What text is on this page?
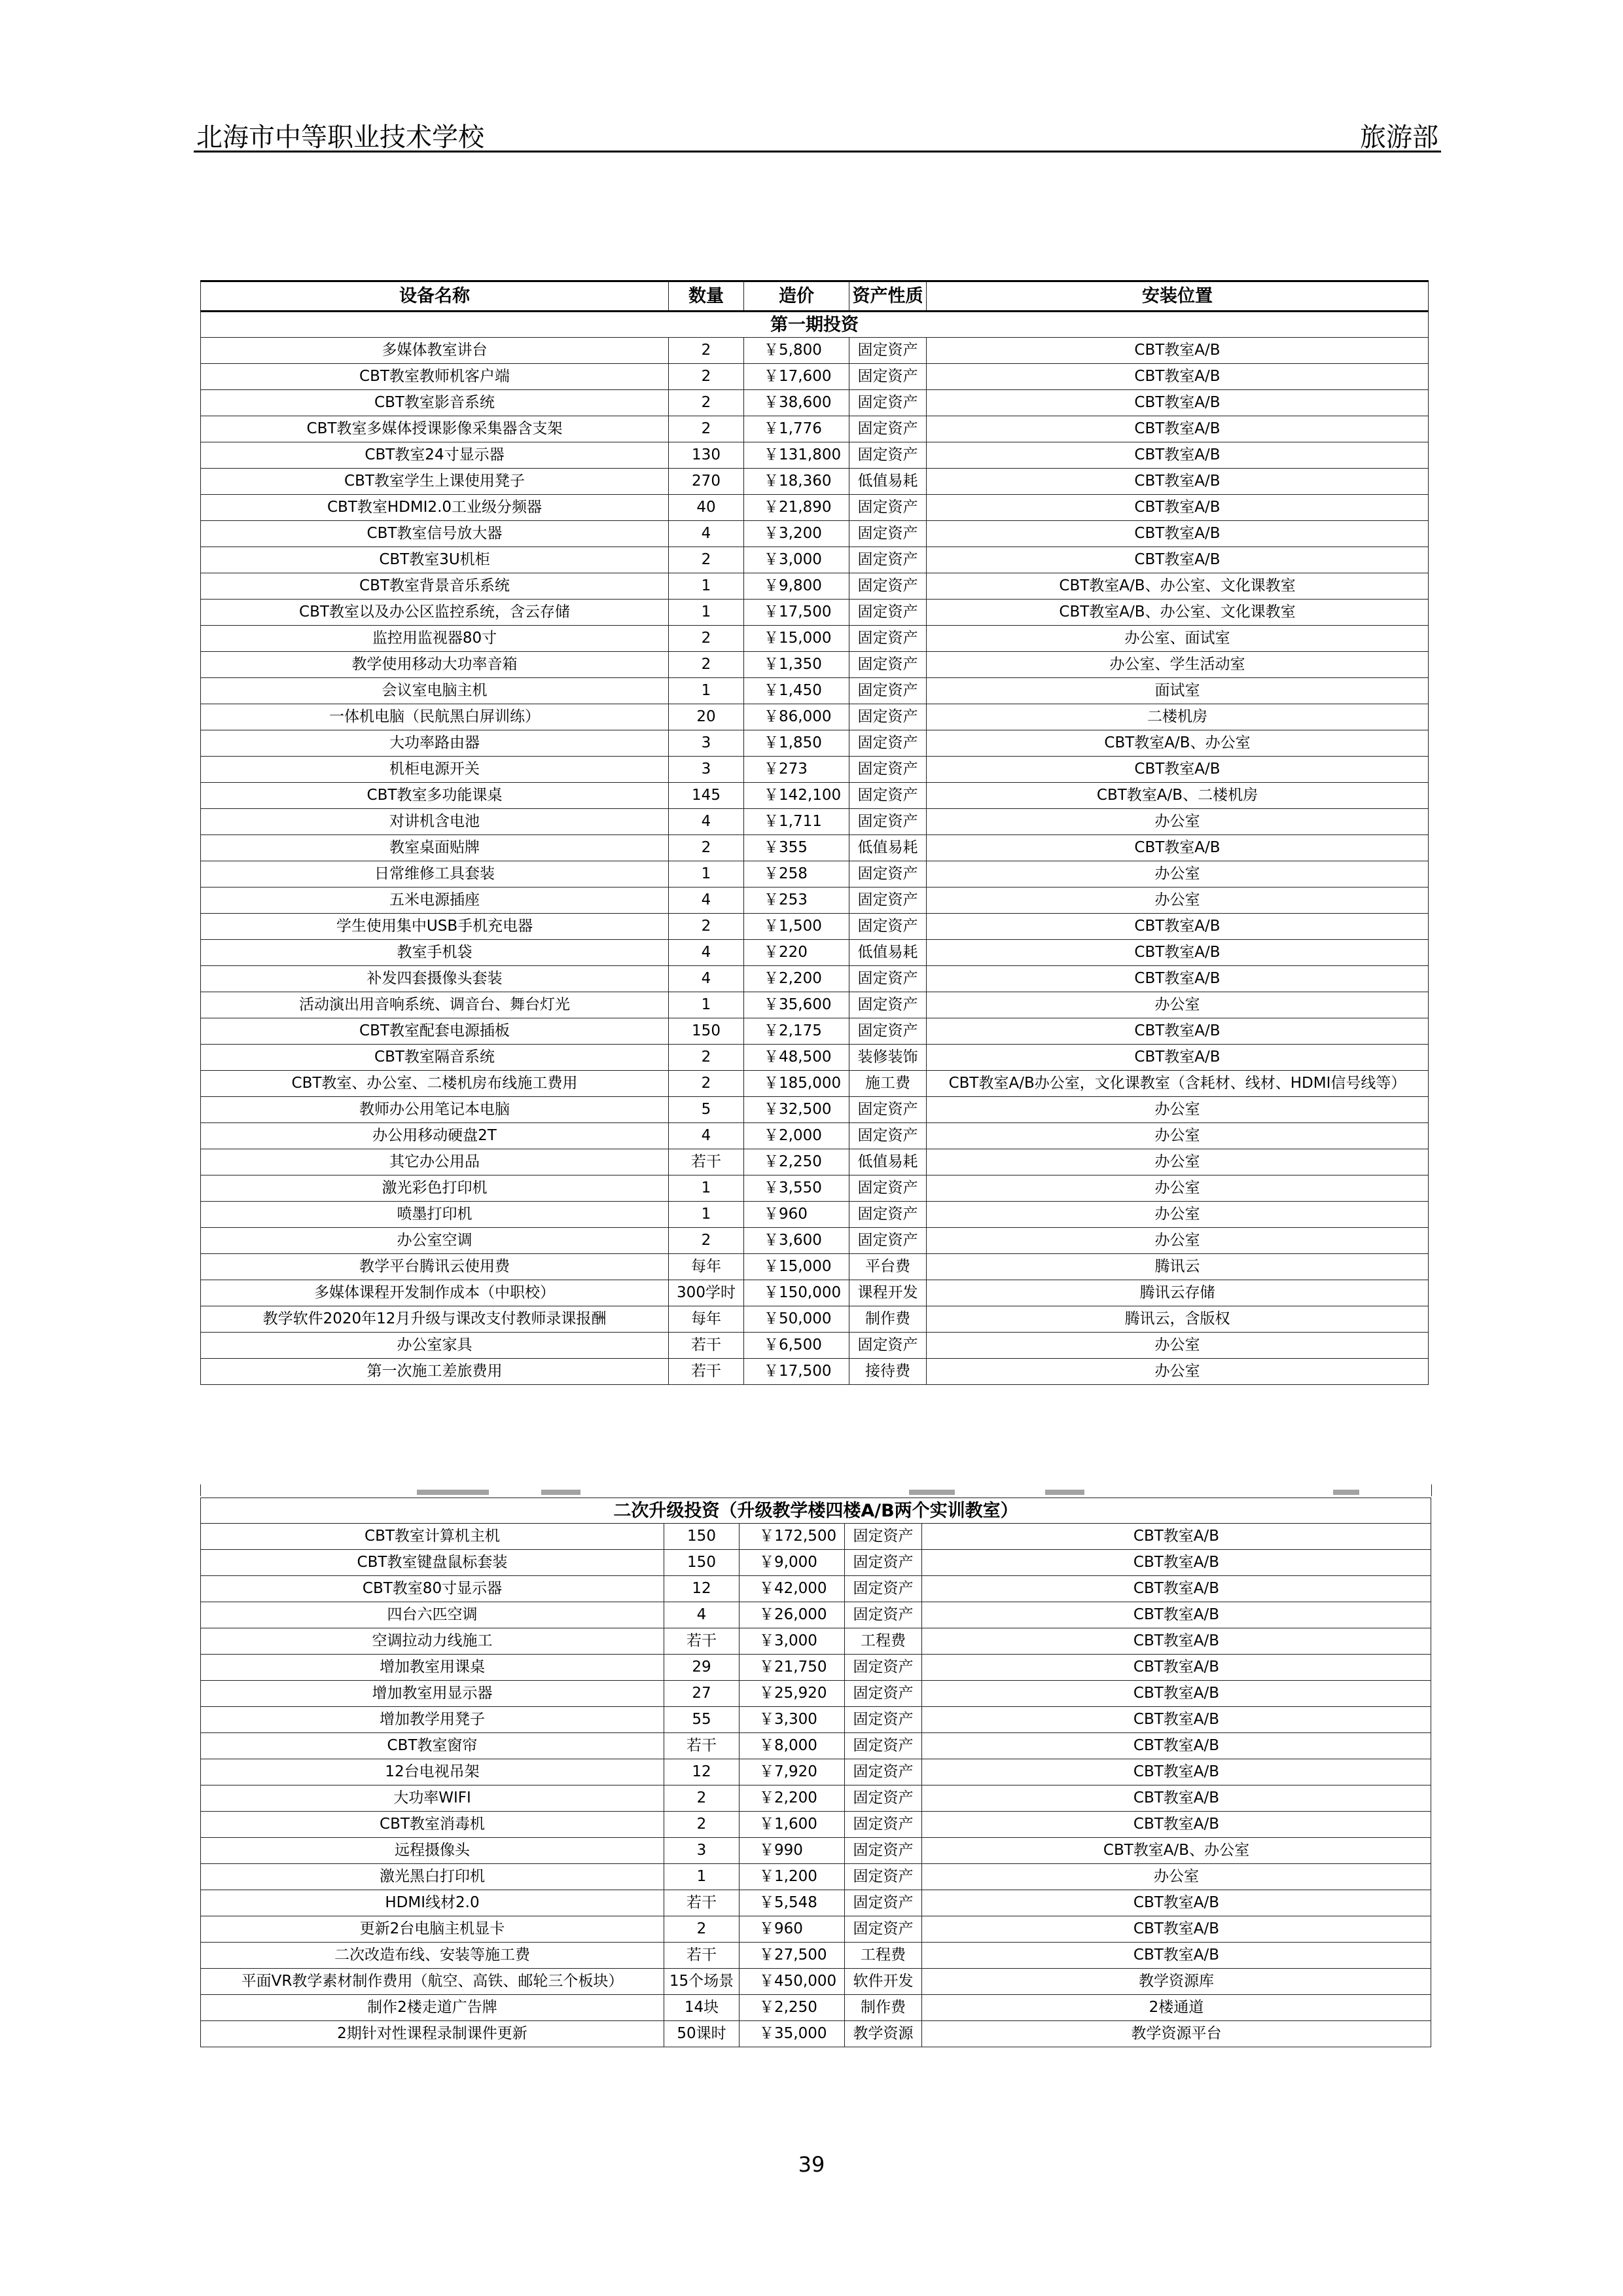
北海市中等职业技术学校	旅游部
设备名称	数量	造价	资产性质	安装位置
第一期投资				
多媒体教室讲台	2	￥5,800	固定资产	CBT教室A/B
CBT教室教师机客户端	2	￥17,600	固定资产	CBT教室A/B
CBT教室影音系统	2	￥38,600	固定资产	CBT教室A/B
CBT教室多媒体授课影像采集器含支架	2	￥1,776	固定资产	CBT教室A/B
CBT教室24寸显示器	130	￥131,800	固定资产	CBT教室A/B
CBT教室学生上课使用凳子	270	￥18,360	低值易耗	CBT教室A/B
CBT教室HDMI2.0工业级分频器	40	￥21,890	固定资产	CBT教室A/B
CBT教室信号放大器	4	￥3,200	固定资产	CBT教室A/B
CBT教室3U机柜	2	￥3,000	固定资产	CBT教室A/B
CBT教室背景音乐系统	1	￥9,800	固定资产	CBT教室A/B、办公室、文化课教室
CBT教室以及办公区监控系统，含云存储	1	￥17,500	固定资产	CBT教室A/B、办公室、文化课教室
监控用监视器80寸	2	￥15,000	固定资产	办公室、面试室
教学使用移动大功率音箱	2	￥1,350	固定资产	办公室、学生活动室
会议室电脑主机	1	￥1,450	固定资产	面试室
一体机电脑（民航黑白屏训练）	20	￥86,000	固定资产	二楼机房
大功率路由器	3	￥1,850	固定资产	CBT教室A/B、办公室
机柜电源开关	3	￥273	固定资产	CBT教室A/B
CBT教室多功能课桌	145	￥142,100	固定资产	CBT教室A/B、二楼机房
对讲机含电池	4	￥1,711	固定资产	办公室
教室桌面贴牌	2	￥355	低值易耗	CBT教室A/B
日常维修工具套装	1	￥258	固定资产	办公室
五米电源插座	4	￥253	固定资产	办公室
学生使用集中USB手机充电器	2	￥1,500	固定资产	CBT教室A/B
教室手机袋	4	￥220	低值易耗	CBT教室A/B
补发四套摄像头套装	4	￥2,200	固定资产	CBT教室A/B
活动演出用音响系统、调音台、舞台灯光	1	￥35,600	固定资产	办公室
CBT教室配套电源插板	150	￥2,175	固定资产	CBT教室A/B
CBT教室隔音系统	2	￥48,500	装修装饰	CBT教室A/B
CBT教室、办公室、二楼机房布线施工费用	2	￥185,000	施工费	CBT教室A/B办公室，文化课教室（含耗材、线材、HDMI信号线等）
教师办公用笔记本电脑	5	￥32,500	固定资产	办公室
办公用移动硬盘2T	4	￥2,000	固定资产	办公室
其它办公用品	若干	￥2,250	低值易耗	办公室
激光彩色打印机	1	￥3,550	固定资产	办公室
喷墨打印机	1	￥960	固定资产	办公室
办公室空调	2	￥3,600	固定资产	办公室
教学平台腾讯云使用费	每年	￥15,000	平台费	腾讯云
多媒体课程开发制作成本（中职校）	300学时	￥150,000	课程开发	腾讯云存储
教学软件2020年12月升级与课改支付教师录课报酬	每年	￥50,000	制作费	腾讯云，含版权
办公室家具	若干	￥6,500	固定资产	办公室
第一次施工差旅费用	若干	￥17,500	接待费	办公室
二次升级投资（升级教学楼四楼A/B两个实训教室）				
CBT教室计算机主机	150	￥172,500	固定资产	CBT教室A/B
CBT教室键盘鼠标套装	150	￥9,000	固定资产	CBT教室A/B
CBT教室80寸显示器	12	￥42,000	固定资产	CBT教室A/B
四台六匹空调	4	￥26,000	固定资产	CBT教室A/B
空调拉动力线施工	若干	￥3,000	工程费	CBT教室A/B
增加教室用课桌	29	￥21,750	固定资产	CBT教室A/B
增加教室用显示器	27	￥25,920	固定资产	CBT教室A/B
增加教学用凳子	55	￥3,300	固定资产	CBT教室A/B
CBT教室窗帘	若干	￥8,000	固定资产	CBT教室A/B
12台电视吊架	12	￥7,920	固定资产	CBT教室A/B
大功率WIFI	2	￥2,200	固定资产	CBT教室A/B
CBT教室消毒机	2	￥1,600	固定资产	CBT教室A/B
远程摄像头	3	￥990	固定资产	CBT教室A/B、办公室
激光黑白打印机	1	￥1,200	固定资产	办公室
HDMI线材2.0	若干	￥5,548	固定资产	CBT教室A/B
更新2台电脑主机显卡	2	￥960	固定资产	CBT教室A/B
二次改造布线、安装等施工费	若干	￥27,500	工程费	CBT教室A/B
平面VR教学素材制作费用（航空、高铁、邮轮三个板块）	15个场景	￥450,000	软件开发	教学资源库
制作2楼走道广告牌	14块	￥2,250	制作费	2楼通道
2期针对性课程录制课件更新	50课时	￥35,000	教学资源	教学资源平台
39
